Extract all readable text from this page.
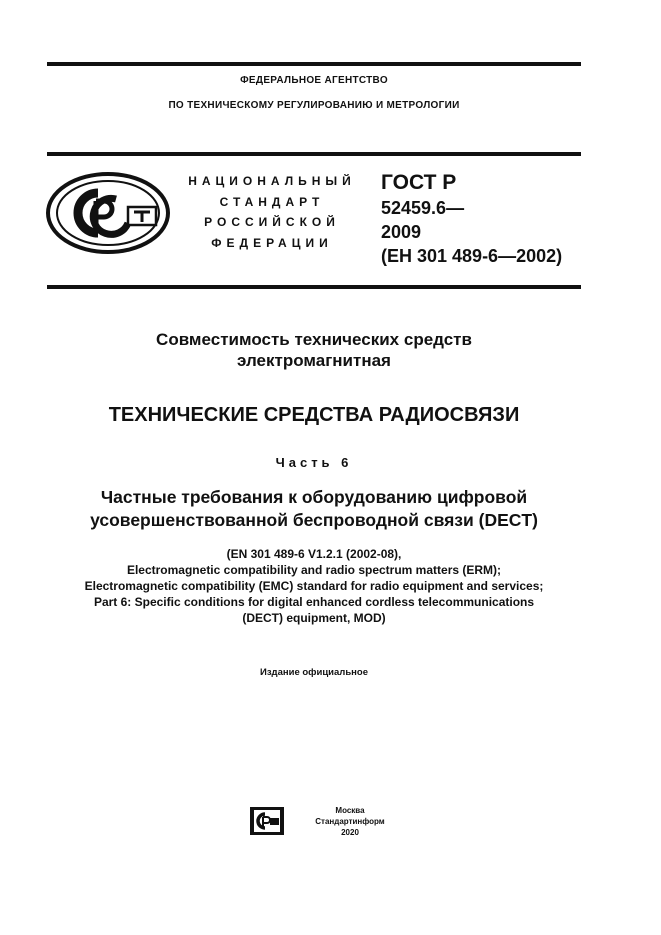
ФЕДЕРАЛЬНОЕ АГЕНТСТВО
ПО ТЕХНИЧЕСКОМУ РЕГУЛИРОВАНИЮ И МЕТРОЛОГИИ
НАЦИОНАЛЬНЫЙ
СТАНДАРТ
РОССИЙСКОЙ
ФЕДЕРАЦИИ
ГОСТ Р
52459.6—
2009
(ЕН 301 489-6—2002)
Совместимость технических средств
электромагнитная
ТЕХНИЧЕСКИЕ СРЕДСТВА РАДИОСВЯЗИ
Часть 6
Частные требования к оборудованию цифровой
усовершенствованной беспроводной связи (DECT)
(EN 301 489-6 V1.2.1 (2002-08),
Electromagnetic compatibility and radio spectrum matters (ERM);
Electromagnetic compatibility (EMC) standard for radio equipment and services;
Part 6: Specific conditions for digital enhanced cordless telecommunications
(DECT) equipment, MOD)
Издание официальное
Москва
Стандартинформ
2020
